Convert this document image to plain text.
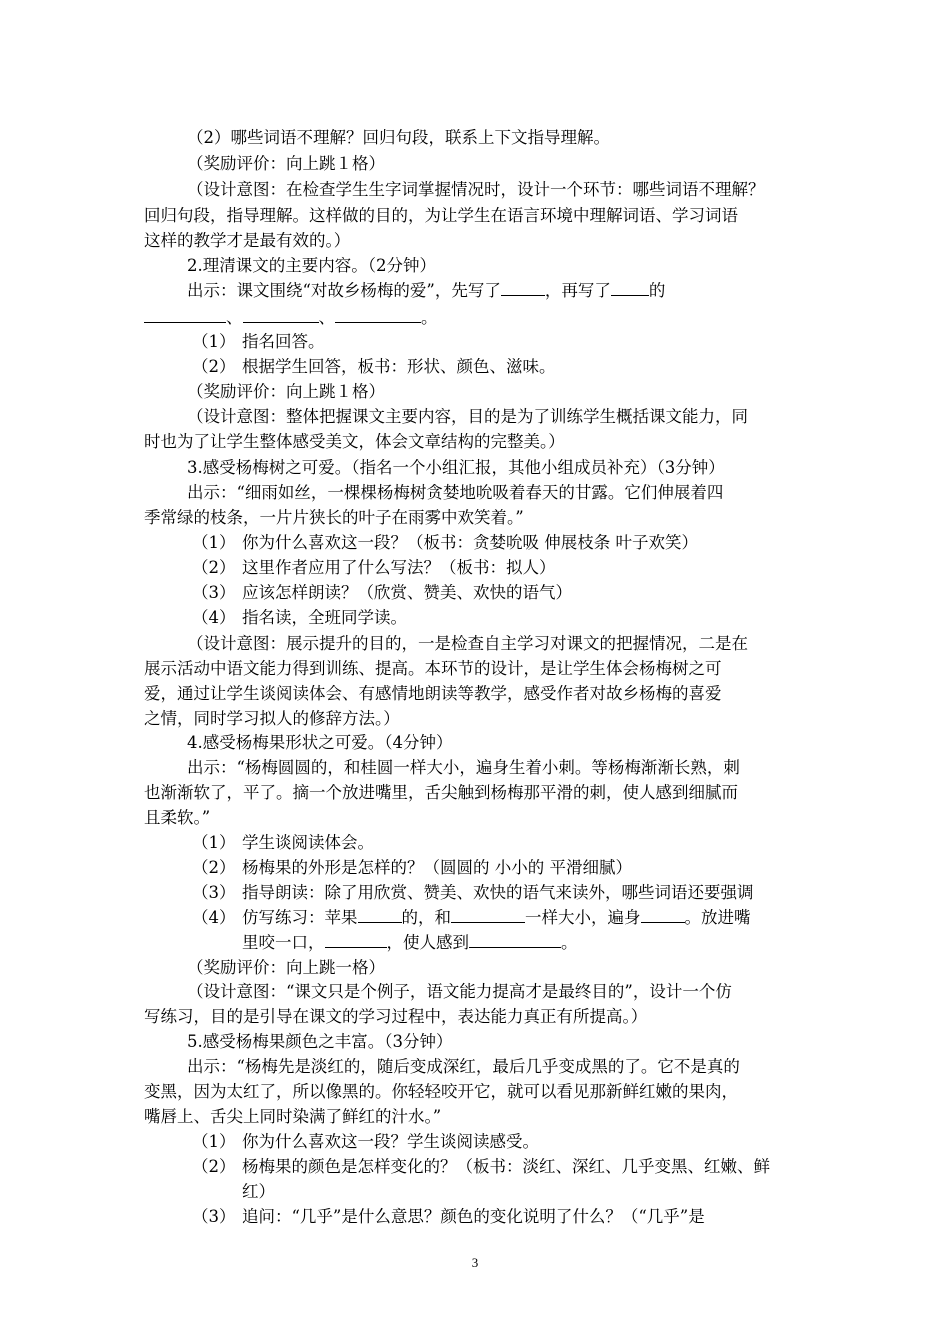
（2）哪些词语不理解？回归句段，联系上下文指导理解。
（奖励评价：向上跳１格）
（设计意图：在检查学生生字词掌握情况时，设计一个环节：哪些词语不理解？
回归句段，指导理解。这样做的目的，为让学生在语言环境中理解词语、学习词语
这样的教学才是最有效的。）
2.理清课文的主要内容。（2分钟）
出示：课文围绕“对故乡杨梅的爱”，先写了	，再写了 的
、	、	。
（1） 指名回答。
（2） 根据学生回答，板书：形状、颜色、滋味。
（奖励评价：向上跳１格）
（设计意图：整体把握课文主要内容，目的是为了训练学生概括课文能力，同
时也为了让学生整体感受美文，体会文章结构的完整美。）
3.感受杨梅树之可爱。（指名一个小组汇报，其他小组成员补充）（3分钟）
出示：“细雨如丝，一棵棵杨梅树贪婪地吮吸着春天的甘露。它们伸展着四
季常绿的枝条，一片片狭长的叶子在雨雾中欢笑着。”
（1） 你为什么喜欢这一段？（板书：贪婪吮吸 伸展枝条 叶子欢笑）
（2） 这里作者应用了什么写法？（板书：拟人）
（3） 应该怎样朗读？（欣赏、赞美、欢快的语气）
（4） 指名读，全班同学读。
（设计意图：展示提升的目的，一是检查自主学习对课文的把握情况，二是在
展示活动中语文能力得到训练、提高。本环节的设计，是让学生体会杨梅树之可
爱，通过让学生谈阅读体会、有感情地朗读等教学，感受作者对故乡杨梅的喜爱
之情，同时学习拟人的修辞方法。）
4.感受杨梅果形状之可爱。（4分钟）
出示：“杨梅圆圆的，和桂圆一样大小，遍身生着小刺。等杨梅渐渐长熟，刺
也渐渐软了，平了。摘一个放进嘴里，舌尖触到杨梅那平滑的刺，使人感到细腻而
且柔软。”
（1） 学生谈阅读体会。
（2） 杨梅果的外形是怎样的？（圆圆的 小小的 平滑细腻）
（3） 指导朗读：除了用欣赏、赞美、欢快的语气来读外，哪些词语还要强调
（4） 仿写练习：苹果	的，和	一样大小，遍身	。放进嘴
里咬一口，	，使人感到	。
（奖励评价：向上跳一格）
（设计意图：“课文只是个例子，语文能力提高才是最终目的”，设计一个仿
写练习，目的是引导在课文的学习过程中，表达能力真正有所提高。）
5.感受杨梅果颜色之丰富。（3分钟）
出示：“杨梅先是淡红的，随后变成深红，最后几乎变成黑的了。它不是真的
变黑，因为太红了，所以像黑的。你轻轻咬开它，就可以看见那新鲜红嫩的果肉，
嘴唇上、舌尖上同时染满了鲜红的汁水。”
（1） 你为什么喜欢这一段？学生谈阅读感受。
（2） 杨梅果的颜色是怎样变化的？（板书：淡红、深红、几乎变黑、红嫩、鲜
红）
（3） 追问：“几乎”是什么意思？颜色的变化说明了什么？（“几乎”是
3
